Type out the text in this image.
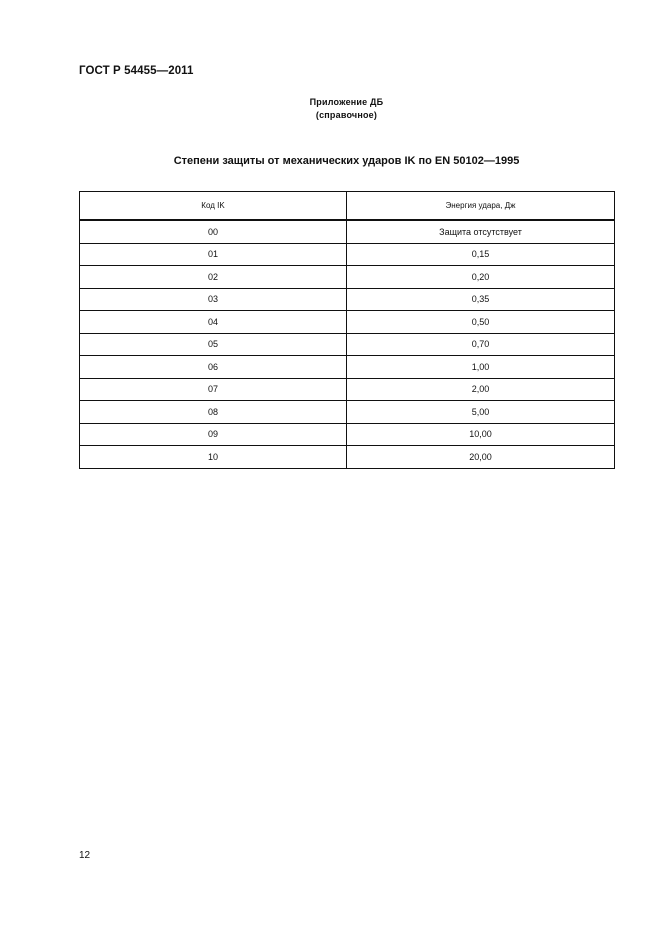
ГОСТ Р 54455—2011
Приложение ДБ
(справочное)
Степени защиты от механических ударов IK по EN 50102—1995
Код IK	Энергия удара, Дж
00	Защита отсутствует
01	0,15
02	0,20
03	0,35
04	0,50
05	0,70
06	1,00
07	2,00
08	5,00
09	10,00
10	20,00
12
